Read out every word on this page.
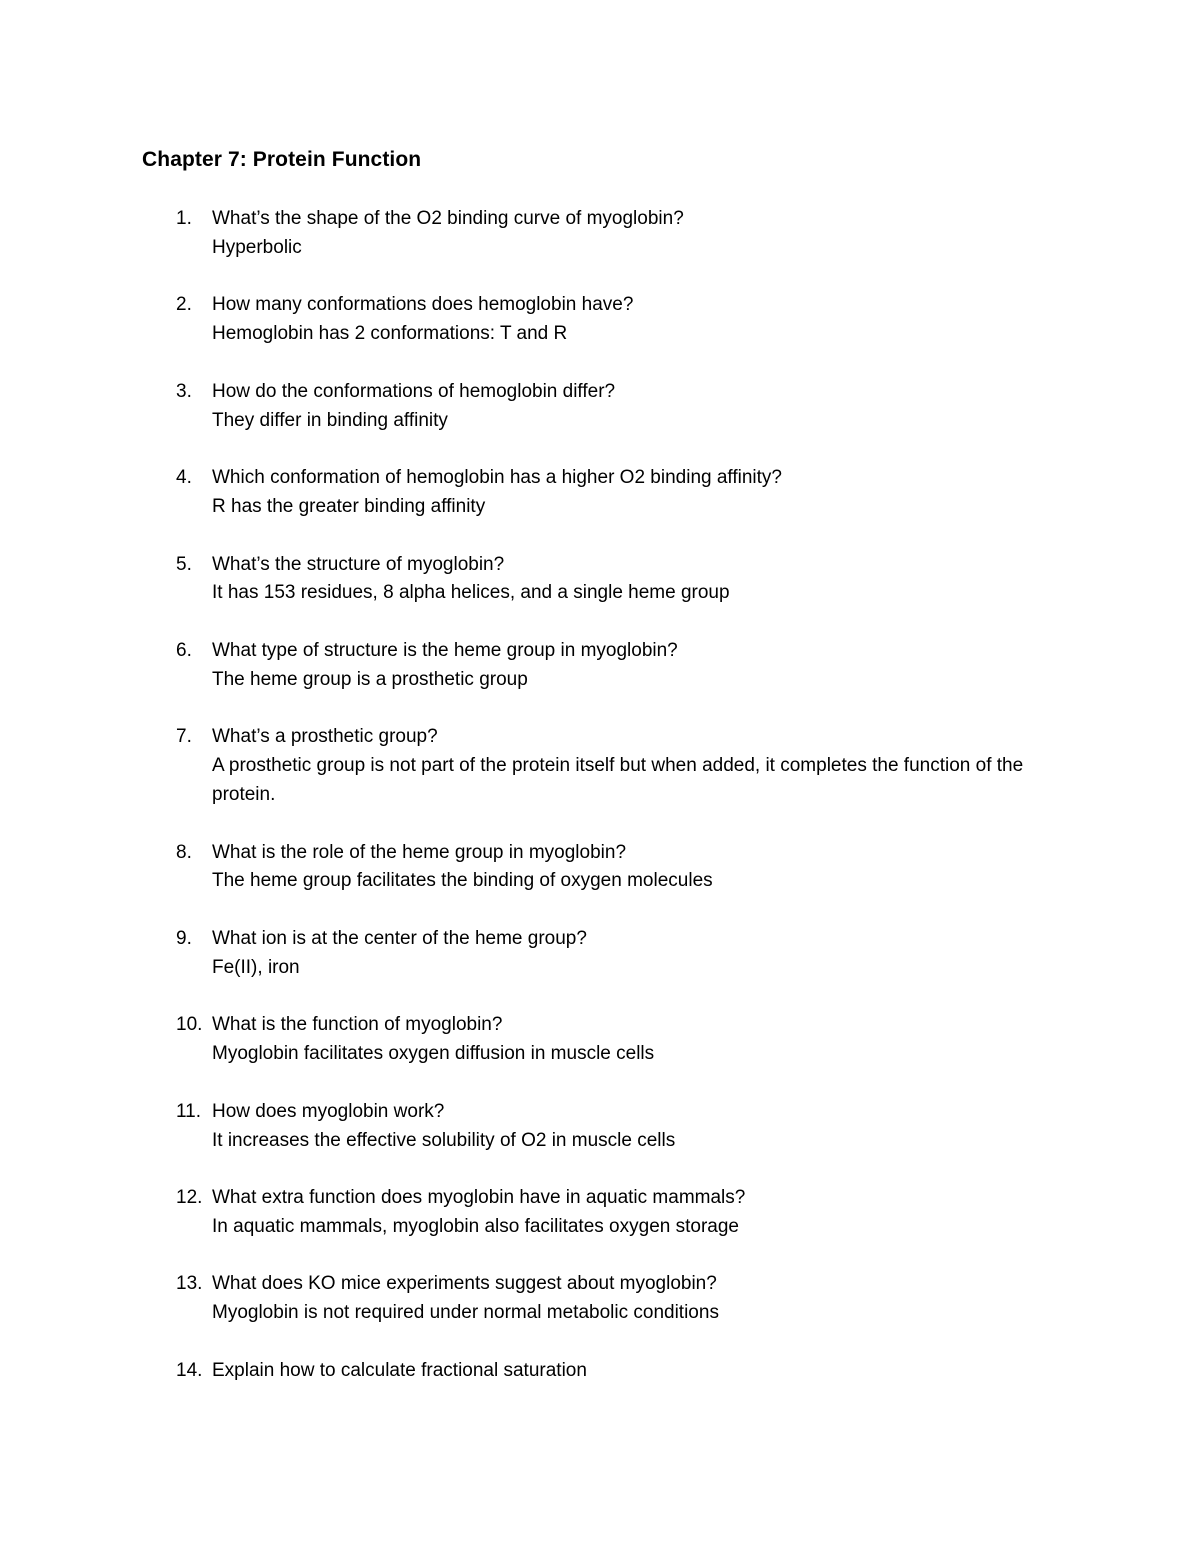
Chapter 7: Protein Function
1. What’s the shape of the O2 binding curve of myoglobin?
Hyperbolic
2. How many conformations does hemoglobin have?
Hemoglobin has 2 conformations: T and R
3. How do the conformations of hemoglobin differ?
They differ in binding affinity
4. Which conformation of hemoglobin has a higher O2 binding affinity?
R has the greater binding affinity
5. What’s the structure of myoglobin?
It has 153 residues, 8 alpha helices, and a single heme group
6. What type of structure is the heme group in myoglobin?
The heme group is a prosthetic group
7. What’s a prosthetic group?
A prosthetic group is not part of the protein itself but when added, it completes the function of the protein.
8. What is the role of the heme group in myoglobin?
The heme group facilitates the binding of oxygen molecules
9. What ion is at the center of the heme group?
Fe(II), iron
10. What is the function of myoglobin?
Myoglobin facilitates oxygen diffusion in muscle cells
11. How does myoglobin work?
It increases the effective solubility of O2 in muscle cells
12. What extra function does myoglobin have in aquatic mammals?
In aquatic mammals, myoglobin also facilitates oxygen storage
13. What does KO mice experiments suggest about myoglobin?
Myoglobin is not required under normal metabolic conditions
14. Explain how to calculate fractional saturation
